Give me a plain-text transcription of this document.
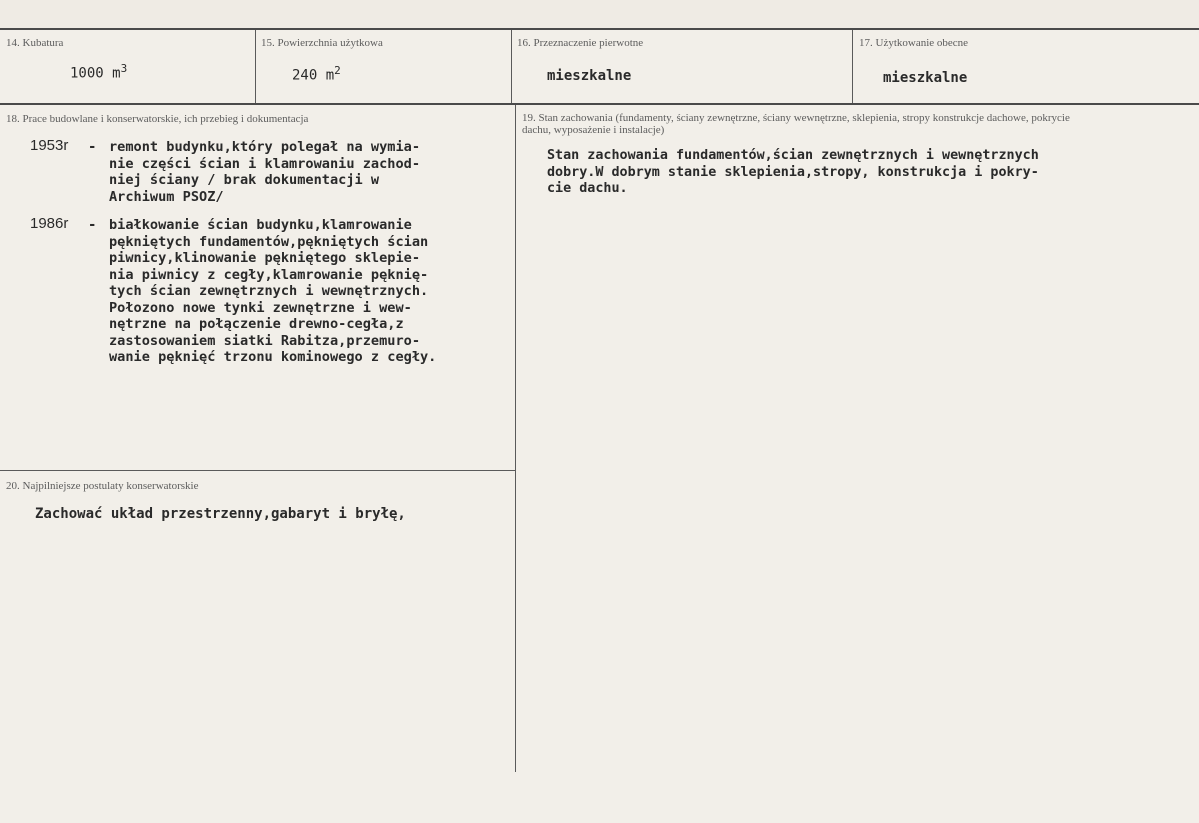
14. Kubatura
1000 $m^3$
15. Powierzchnia użytkowa
240 $m^2$
16. Przeznaczenie pierwotne
mieszkalne
17. Użytkowanie obecne
mieszkalne
18. Prace budowlane i konserwatorskie, ich przebieg i dokumentacja
1953r - remont budynku,który polegał na wymia-
nie części ścian i klamrowaniu zachod-
niej ściany / brak dokumentacji w
Archiwum PSOZ/
1986r - białkowanie ścian budynku,klamrowanie
pękniętych fundamentów,pękniętych ścian
piwnicy,klinowanie pękniętego sklepie-
nia piwnicy z cegły,klamrowanie pęknię-
tych ścian zewnętrznych i wewnętrznych.
Połozono nowe tynki zewnętrzne i wew-
nętrzne na połączenie drewno-cegła,z
zastosowaniem siatki Rabitza,przemuro-
wanie pęknięć trzonu kominowego z cegły.
19. Stan zachowania (fundamenty, ściany zewnętrzne, ściany wewnętrzne, sklepienia, stropy konstrukcje dachowe, pokrycie dachu, wyposażenie i instalacje)
Stan zachowania fundamentów,ścian zewnętrznych i wewnętrznych
dobry.W dobrym stanie sklepienia,stropy, konstrukcja i pokry-
cie dachu.
20. Najpilniejsze postulaty konserwatorskie
Zachować układ przestrzenny,gabaryt i bryłę,
